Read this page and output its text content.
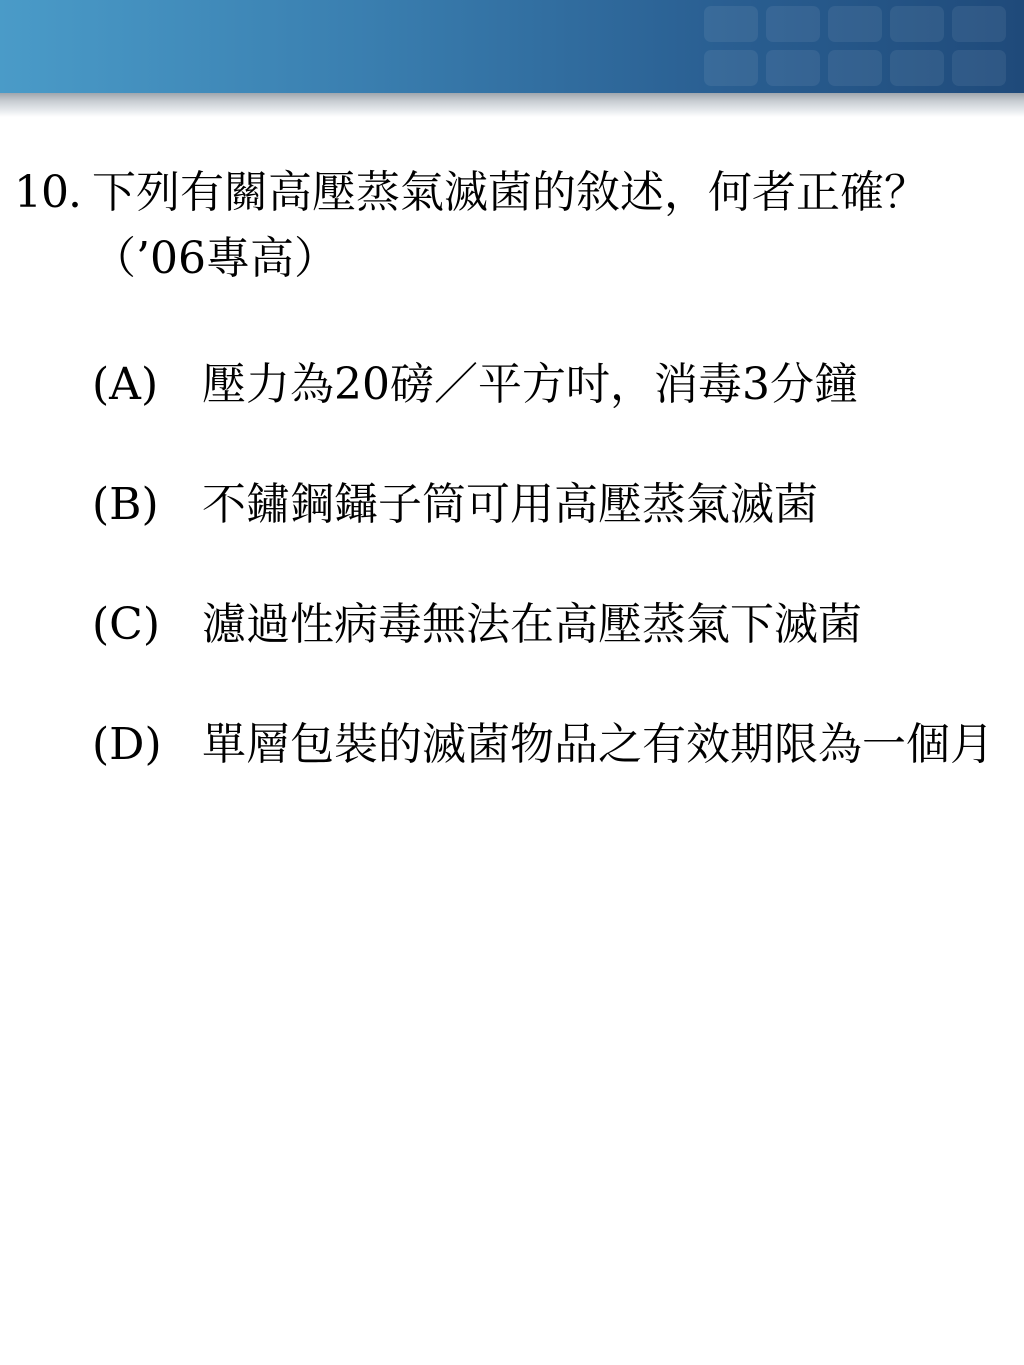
10. 下列有關高壓蒸氣滅菌的敘述，何者正確？（’06專高）
(A) 壓力為20磅／平方吋，消毒3分鐘
(B) 不鏽鋼鑷子筒可用高壓蒸氣滅菌
(C) 濾過性病毒無法在高壓蒸氣下滅菌
(D) 單層包裝的滅菌物品之有效期限為一個月
